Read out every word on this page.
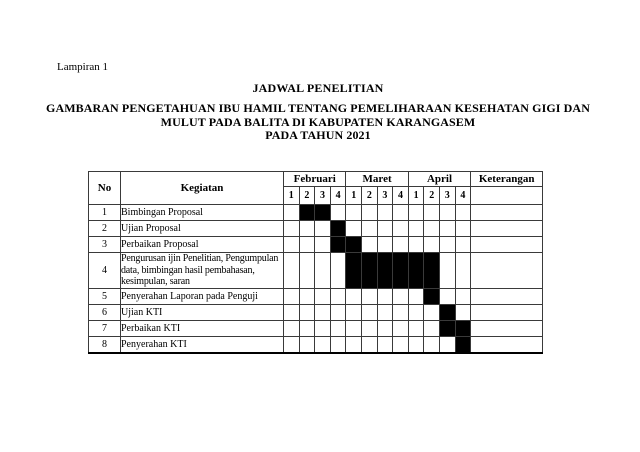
Lampiran 1
JADWAL PENELITIAN
GAMBARAN PENGETAHUAN IBU HAMIL TENTANG PEMELIHARAAN KESEHATAN GIGI DAN
MULUT PADA BALITA DI KABUPATEN KARANGASEM
PADA TAHUN 2021
No	Kegiatan	Februari				Maret				April				Keterangan
		1	2	3	4	1	2	3	4	1	2	3	4	
1	Bimbingan Proposal													
2	Ujian Proposal													
3	Perbaikan Proposal													
4	Pengurusan ijin Penelitian, Pengumpulan data, bimbingan hasil pembahasan, kesimpulan, saran													
5	Penyerahan Laporan pada Penguji													
6	Ujian KTI													
7	Perbaikan KTI													
8	Penyerahan KTI													
